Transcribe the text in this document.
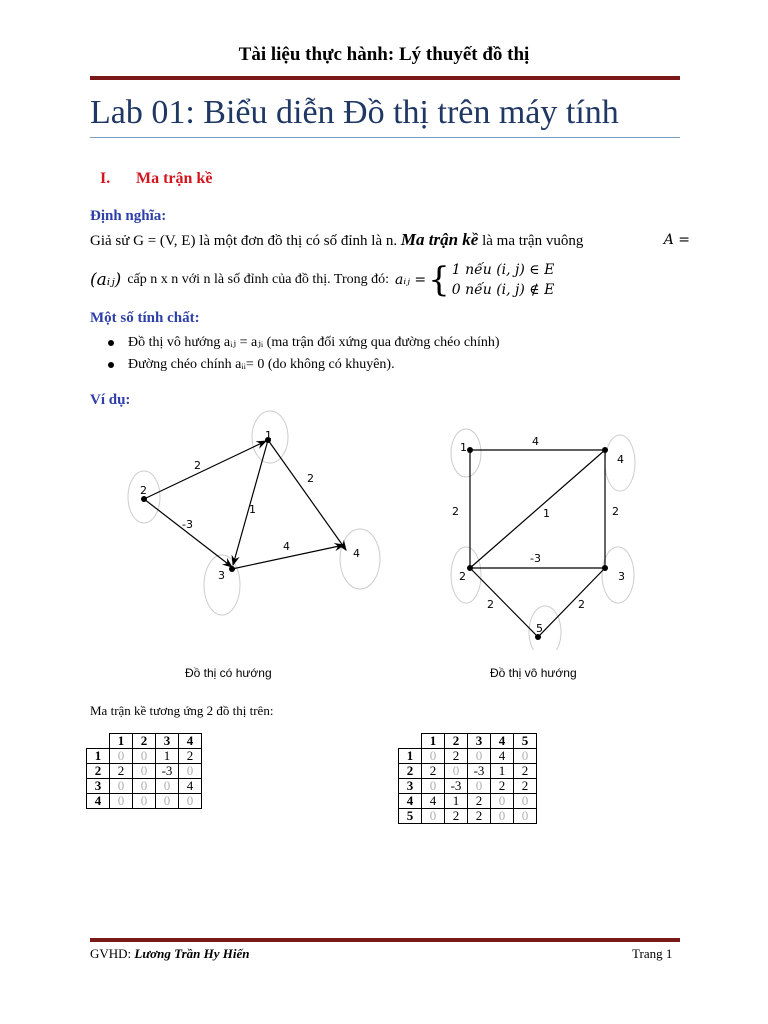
Tài liệu thực hành: Lý thuyết đồ thị
Lab 01: Biểu diễn Đồ thị trên máy tính
I. Ma trận kề
Định nghĩa:
Giả sử G = (V, E) là một đơn đồ thị có số đỉnh là n. Ma trận kề là ma trận vuông	A =
(aᵢⱼ) cấp n x n với n là số đỉnh của đồ thị. Trong đó: aᵢⱼ = { 1 nếu (i, j) ∈ E
0 nếu (i, j) ∉ E
Một số tính chất:
Đồ thị vô hướng aᵢⱼ = aⱼᵢ (ma trận đối xứng qua đường chéo chính)
Đường chéo chính aᵢᵢ= 0 (do không có khuyên).
Ví dụ:
1
2
3
4
2
2
-3
1
4
1
2	3
4
5
4
2	1	2
-3
2	2
Đồ thị có hướng	Đồ thị vô hướng
Ma trận kề tương ứng 2 đồ thị trên:
	1	2	3	4
1	0	0	1	2
2	2	0	-3	0
3	0	0	0	4
4	0	0	0	0
	1	2	3	4	5
1	0	2	0	4	0
2	2	0	-3	1	2
3	0	-3	0	2	2
4	4	1	2	0	0
5	0	2	2	0	0
GVHD: Lương Trần Hy Hiến	Trang 1
